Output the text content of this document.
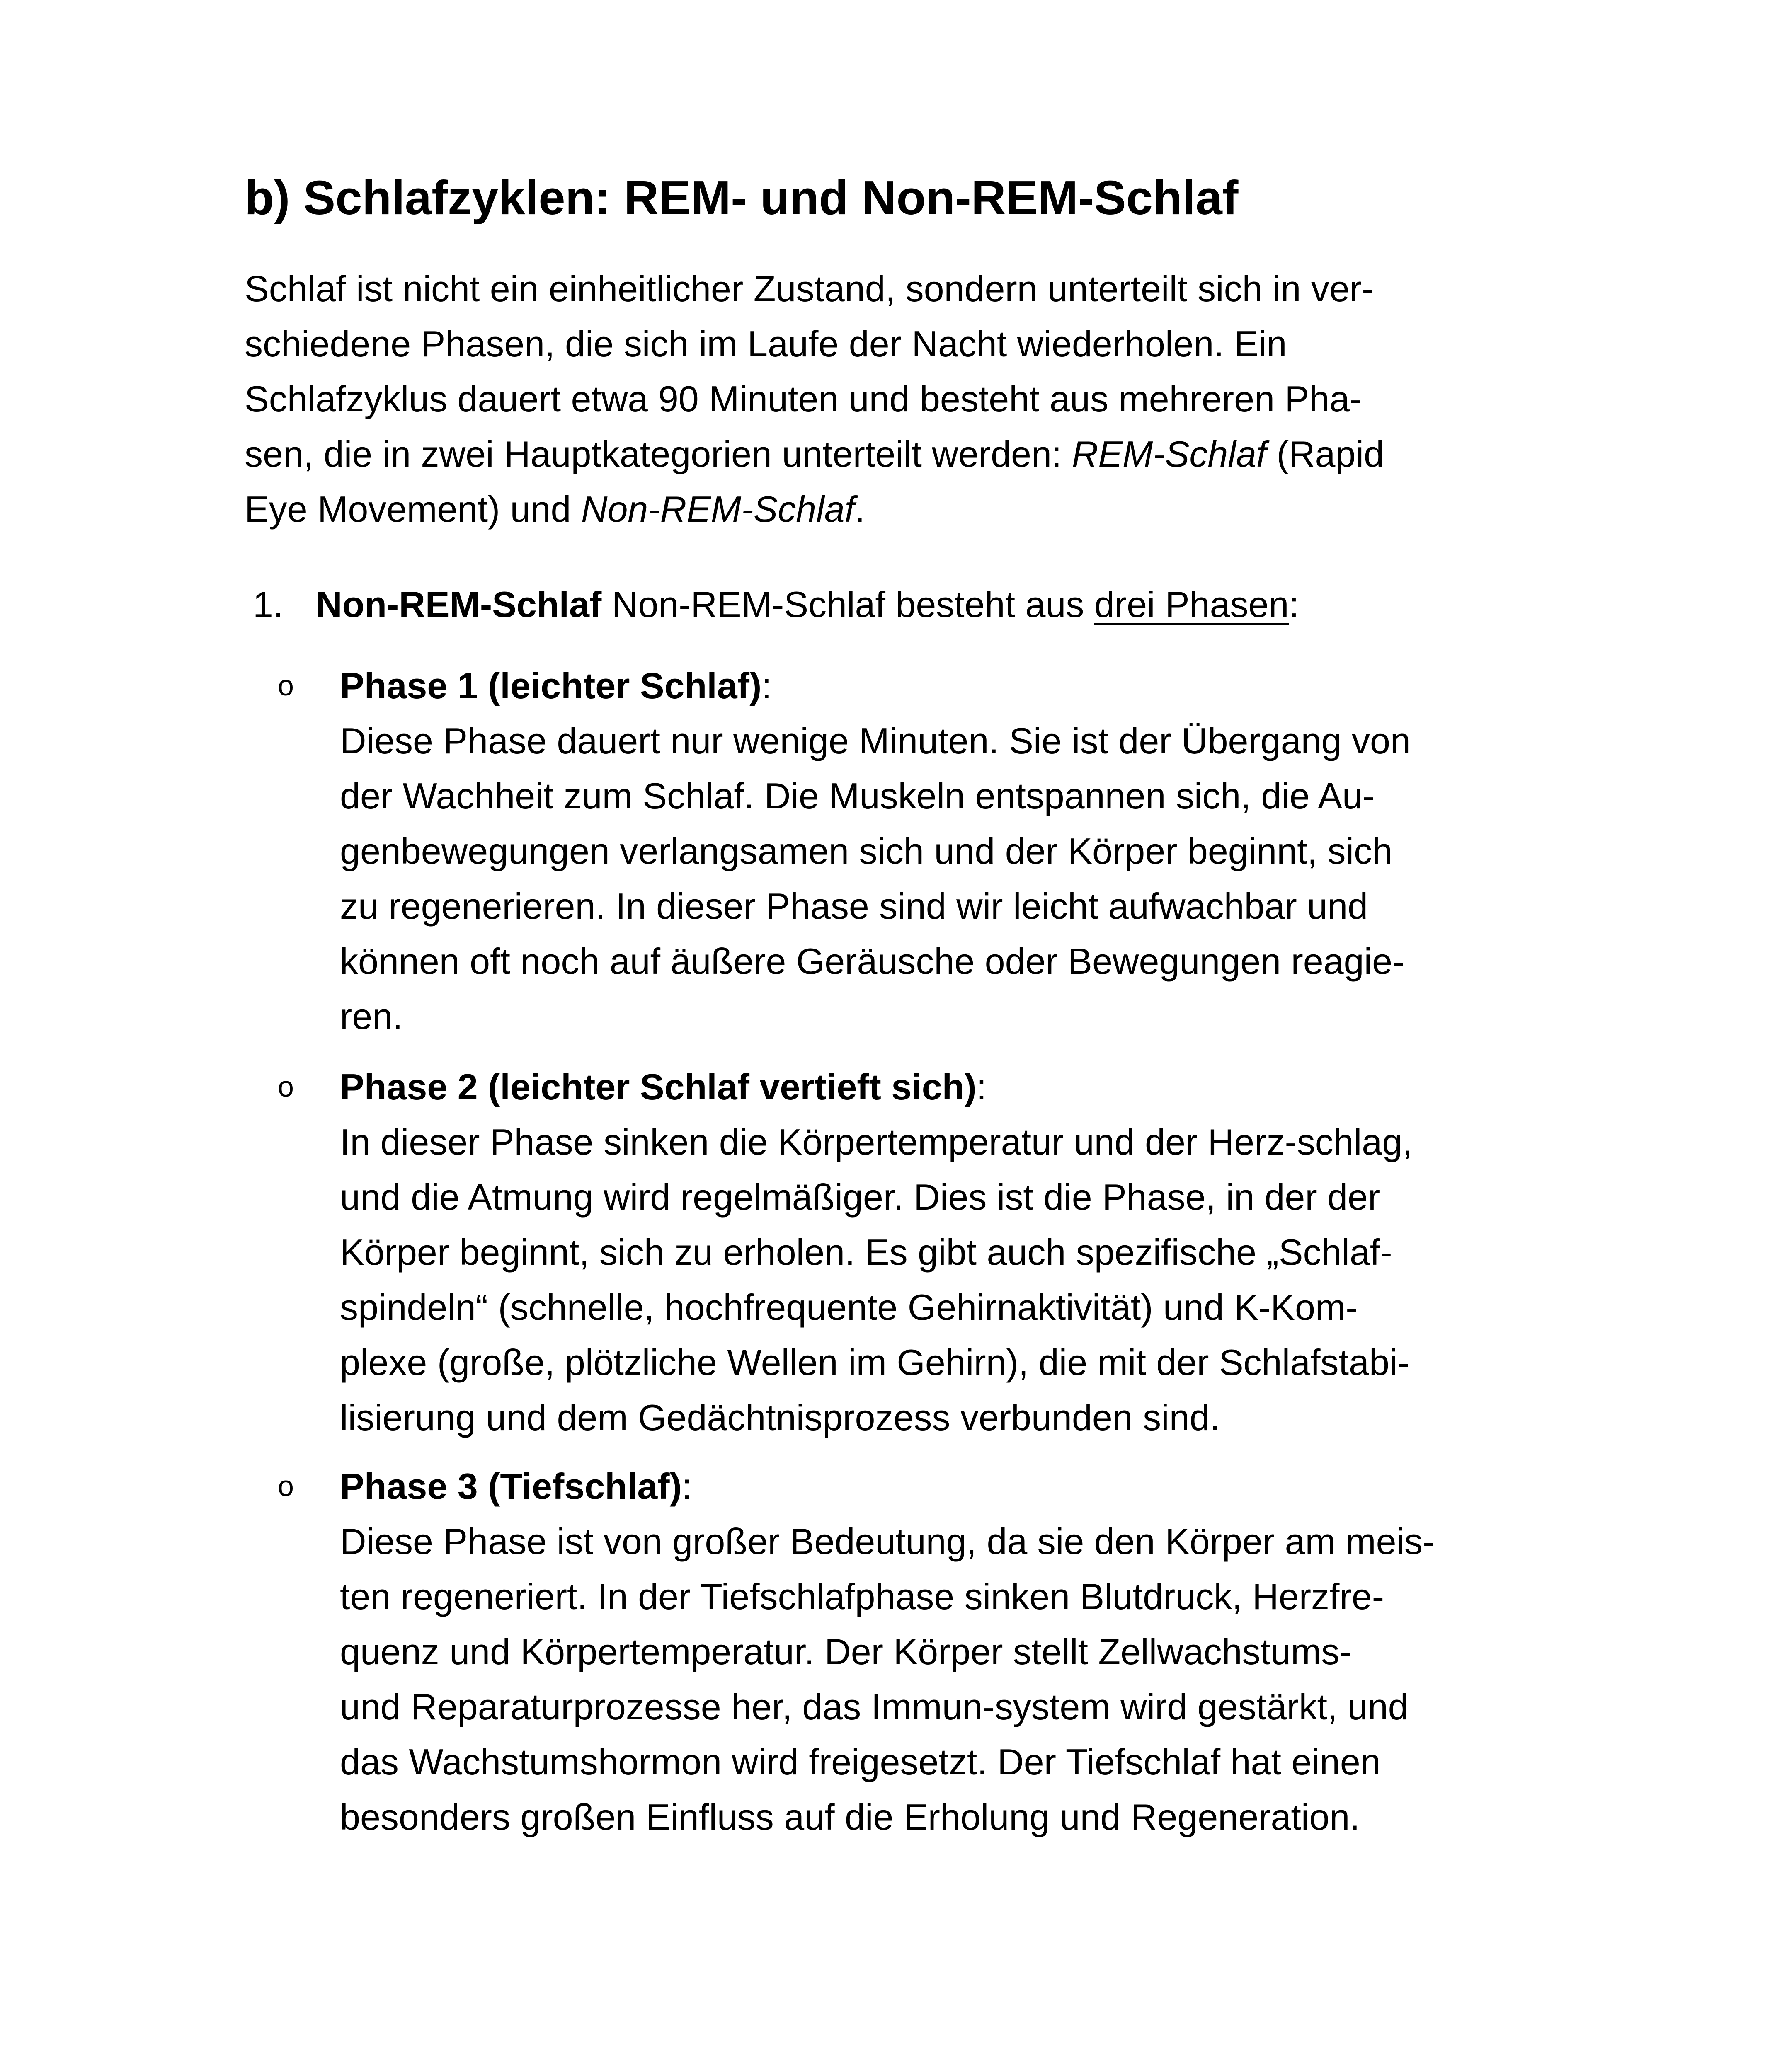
b) Schlafzyklen: REM- und Non-REM-Schlaf

Schlaf ist nicht ein einheitlicher Zustand, sondern unterteilt sich in ver-
schiedene Phasen, die sich im Laufe der Nacht wiederholen. Ein
Schlafzyklus dauert etwa 90 Minuten und besteht aus mehreren Pha-
sen, die in zwei Hauptkategorien unterteilt werden: REM-Schlaf (Rapid
Eye Movement) und Non-REM-Schlaf.

1. Non-REM-Schlaf Non-REM-Schlaf besteht aus drei Phasen:

o Phase 1 (leichter Schlaf):
Diese Phase dauert nur wenige Minuten. Sie ist der Übergang von
der Wachheit zum Schlaf. Die Muskeln entspannen sich, die Au-
genbewegungen verlangsamen sich und der Körper beginnt, sich
zu regenerieren. In dieser Phase sind wir leicht aufwachbar und
können oft noch auf äußere Geräusche oder Bewegungen reagie-
ren.
o Phase 2 (leichter Schlaf vertieft sich):
In dieser Phase sinken die Körpertemperatur und der Herz-schlag,
und die Atmung wird regelmäßiger. Dies ist die Phase, in der der
Körper beginnt, sich zu erholen. Es gibt auch spezifische „Schlaf-
spindeln“ (schnelle, hochfrequente Gehirnaktivität) und K-Kom-
plexe (große, plötzliche Wellen im Gehirn), die mit der Schlafstabi-
lisierung und dem Gedächtnisprozess verbunden sind.
o Phase 3 (Tiefschlaf):
Diese Phase ist von großer Bedeutung, da sie den Körper am meis-
ten regeneriert. In der Tiefschlafphase sinken Blutdruck, Herzfre-
quenz und Körpertemperatur. Der Körper stellt Zellwachstums-
und Reparaturprozesse her, das Immun-system wird gestärkt, und
das Wachstumshormon wird freigesetzt. Der Tiefschlaf hat einen
besonders großen Einfluss auf die Erholung und Regeneration.
